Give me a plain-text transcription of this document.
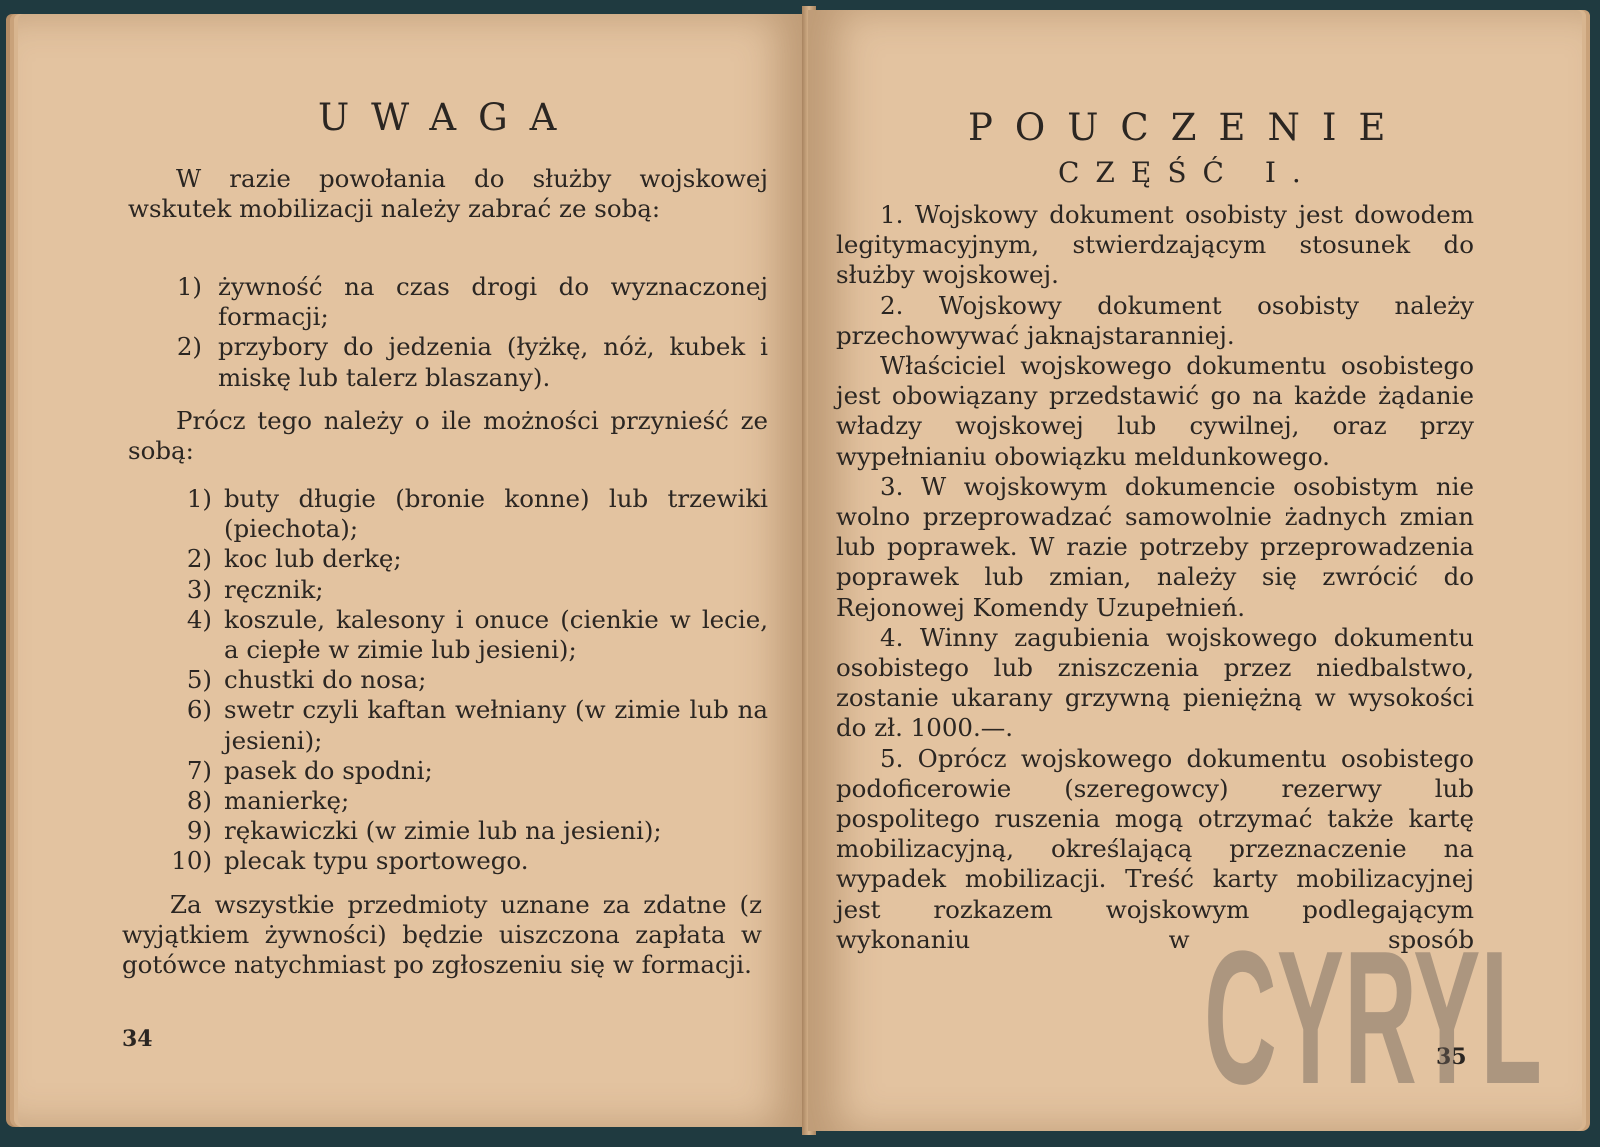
UWAGA

W razie powołania do służby wojskowej wskutek mobilizacji należy zabrać ze sobą:

1) żywność na czas drogi do wyznaczonej formacji;
2) przybory do jedzenia (łyżkę, nóż, kubek i miskę lub talerz blaszany).

Prócz tego należy o ile możności przynieść ze sobą:

1) buty długie (bronie konne) lub trzewiki (piechota);
2) koc lub derkę;
3) ręcznik;
4) koszule, kalesony i onuce (cienkie w lecie, a ciepłe w zimie lub jesieni);
5) chustki do nosa;
6) swetr czyli kaftan wełniany (w zimie lub na jesieni);
7) pasek do spodni;
8) manierkę;
9) rękawiczki (w zimie lub na jesieni);
10) plecak typu sportowego.

Za wszystkie przedmioty uznane za zdatne (z wyjątkiem żywności) będzie uiszczona zapłata w gotówce natychmiast po zgłoszeniu się w formacji.

34
POUCZENIE
CZĘŚĆ I.

1. Wojskowy dokument osobisty jest dowodem legitymacyjnym, stwierdzającym stosunek do służby wojskowej.

2. Wojskowy dokument osobisty należy przechowywać jaknajstaranniej.

Właściciel wojskowego dokumentu osobistego jest obowiązany przedstawić go na każde żądanie władzy wojskowej lub cywilnej, oraz przy wypełnianiu obowiązku meldunkowego.

3. W wojskowym dokumencie osobistym nie wolno przeprowadzać samowolnie żadnych zmian lub poprawek. W razie potrzeby przeprowadzenia poprawek lub zmian, należy się zwrócić do Rejonowej Komendy Uzupełnień.

4. Winny zagubienia wojskowego dokumentu osobistego lub zniszczenia przez niedbalstwo, zostanie ukarany grzywną pieniężną w wysokości do zł. 1000.—.

5. Oprócz wojskowego dokumentu osobistego podoficerowie (szeregowcy) rezerwy lub pospolitego ruszenia mogą otrzymać także kartę mobilizacyjną, określającą przeznaczenie na wypadek mobilizacji. Treść karty mobilizacyjnej jest rozkazem wojskowym podlegającym wykonaniu w sposób

35
CYRYL
